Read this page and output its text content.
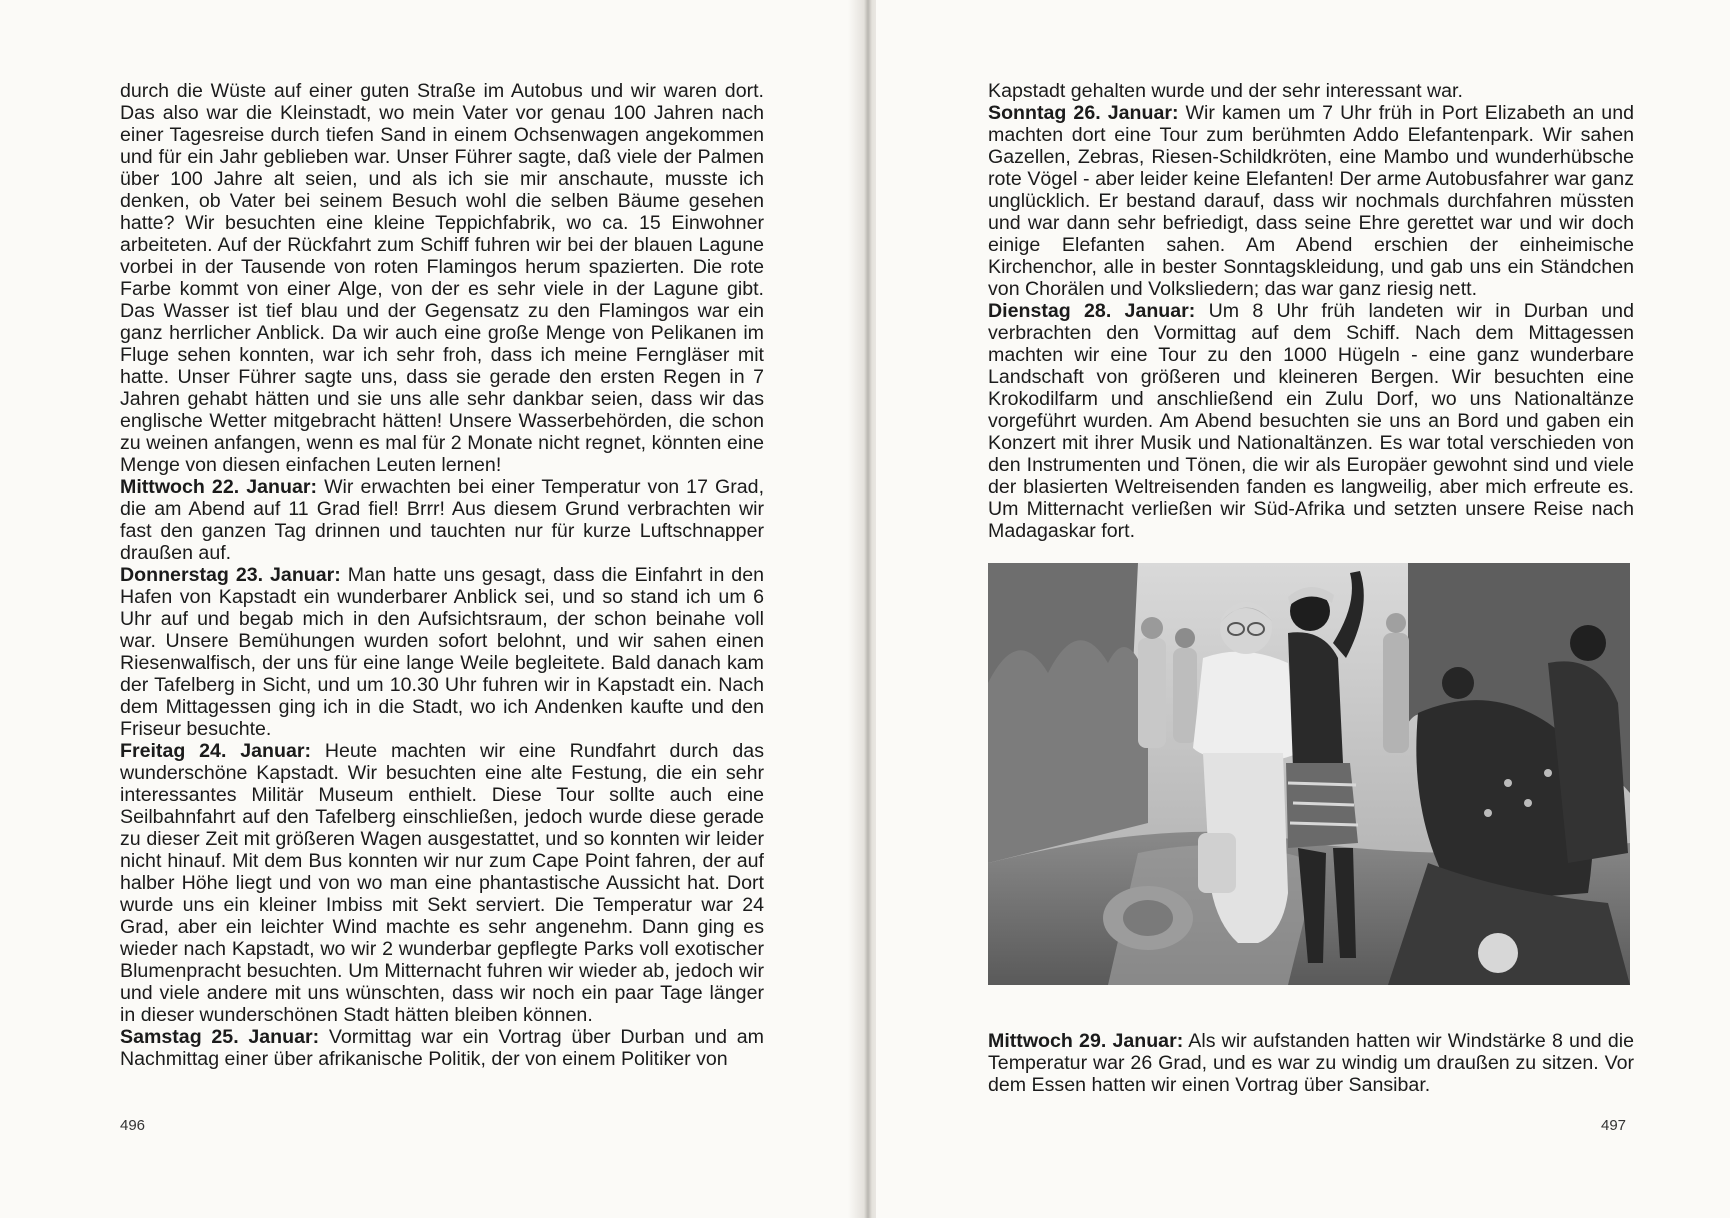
durch die Wüste auf einer guten Straße im Autobus und wir waren dort. Das also war die Kleinstadt, wo mein Vater vor genau 100 Jahren nach einer Tagesreise durch tiefen Sand in einem Ochsenwagen angekommen und für ein Jahr geblieben war. Unser Führer sagte, daß viele der Palmen über 100 Jahre alt seien, und als ich sie mir anschaute, musste ich denken, ob Vater bei seinem Besuch wohl die selben Bäume gesehen hatte? Wir besuchten eine kleine Teppichfabrik, wo ca. 15 Einwohner arbeiteten. Auf der Rückfahrt zum Schiff fuhren wir bei der blauen Lagune vorbei in der Tausende von roten Flamingos herum spazierten. Die rote Farbe kommt von einer Alge, von der es sehr viele in der Lagune gibt. Das Wasser ist tief blau und der Gegensatz zu den Flamingos war ein ganz herrlicher Anblick. Da wir auch eine große Menge von Pelikanen im Fluge sehen konnten, war ich sehr froh, dass ich meine Ferngläser mit hatte. Unser Führer sagte uns, dass sie gerade den ersten Regen in 7 Jahren gehabt hätten und sie uns alle sehr dankbar seien, dass wir das englische Wetter mitgebracht hätten! Unsere Wasserbehörden, die schon zu weinen anfangen, wenn es mal für 2 Monate nicht regnet, könnten eine Menge von diesen einfachen Leuten lernen!

Mittwoch 22. Januar: Wir erwachten bei einer Temperatur von 17 Grad, die am Abend auf 11 Grad fiel! Brrr! Aus diesem Grund verbrachten wir fast den ganzen Tag drinnen und tauchten nur für kurze Luftschnapper draußen auf.

Donnerstag 23. Januar: Man hatte uns gesagt, dass die Einfahrt in den Hafen von Kapstadt ein wunderbarer Anblick sei, und so stand ich um 6 Uhr auf und begab mich in den Aufsichtsraum, der schon beinahe voll war. Unsere Bemühungen wurden sofort belohnt, und wir sahen einen Riesenwalfisch, der uns für eine lange Weile begleitete. Bald danach kam der Tafelberg in Sicht, und um 10.30 Uhr fuhren wir in Kapstadt ein. Nach dem Mittagessen ging ich in die Stadt, wo ich Andenken kaufte und den Friseur besuchte.

Freitag 24. Januar: Heute machten wir eine Rundfahrt durch das wunderschöne Kapstadt. Wir besuchten eine alte Festung, die ein sehr interessantes Militär Museum enthielt. Diese Tour sollte auch eine Seilbahnfahrt auf den Tafelberg einschließen, jedoch wurde diese gerade zu dieser Zeit mit größeren Wagen ausgestattet, und so konnten wir leider nicht hinauf. Mit dem Bus konnten wir nur zum Cape Point fahren, der auf halber Höhe liegt und von wo man eine phantastische Aussicht hat. Dort wurde uns ein kleiner Imbiss mit Sekt serviert. Die Temperatur war 24 Grad, aber ein leichter Wind machte es sehr angenehm. Dann ging es wieder nach Kapstadt, wo wir 2 wunderbar gepflegte Parks voll exotischer Blumenpracht besuchten. Um Mitternacht fuhren wir wieder ab, jedoch wir und viele andere mit uns wünschten, dass wir noch ein paar Tage länger in dieser wunderschönen Stadt hätten bleiben können.

Samstag 25. Januar: Vormittag war ein Vortrag über Durban und am Nachmittag einer über afrikanische Politik, der von einem Politiker von

496

Kapstadt gehalten wurde und der sehr interessant war.

Sonntag 26. Januar: Wir kamen um 7 Uhr früh in Port Elizabeth an und machten dort eine Tour zum berühmten Addo Elefantenpark. Wir sahen Gazellen, Zebras, Riesen-Schildkröten, eine Mambo und wunderhübsche rote Vögel - aber leider keine Elefanten! Der arme Autobusfahrer war ganz unglücklich. Er bestand darauf, dass wir nochmals durchfahren müssten und war dann sehr befriedigt, dass seine Ehre gerettet war und wir doch einige Elefanten sahen. Am Abend erschien der einheimische Kirchenchor, alle in bester Sonntagskleidung, und gab uns ein Ständchen von Chorälen und Volksliedern; das war ganz riesig nett.

Dienstag 28. Januar: Um 8 Uhr früh landeten wir in Durban und verbrachten den Vormittag auf dem Schiff. Nach dem Mittagessen machten wir eine Tour zu den 1000 Hügeln - eine ganz wunderbare Landschaft von größeren und kleineren Bergen. Wir besuchten eine Krokodilfarm und anschließend ein Zulu Dorf, wo uns Nationaltänze vorgeführt wurden. Am Abend besuchten sie uns an Bord und gaben ein Konzert mit ihrer Musik und Nationaltänzen. Es war total verschieden von den Instrumenten und Tönen, die wir als Europäer gewohnt sind und viele der blasierten Weltreisenden fanden es langweilig, aber mich erfreute es. Um Mitternacht verließen wir Süd-Afrika und setzten unsere Reise nach Madagaskar fort.

Mittwoch 29. Januar: Als wir aufstanden hatten wir Windstärke 8 und die Temperatur war 26 Grad, und es war zu windig um draußen zu sitzen. Vor dem Essen hatten wir einen Vortrag über Sansibar.

497
